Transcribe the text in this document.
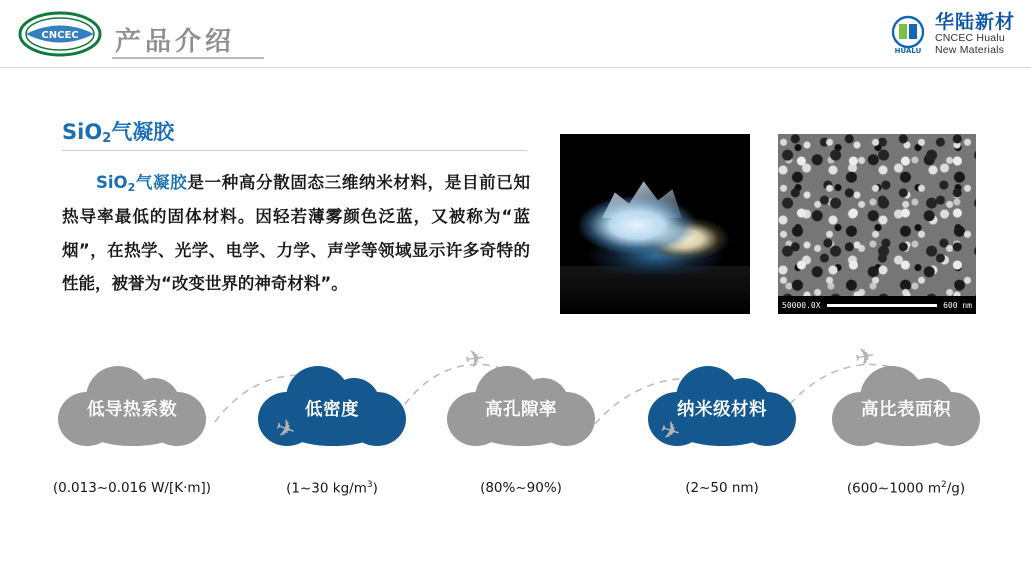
CNCEC 产品介绍	HUALU
华陆新材
CNCEC Hualu
New Materials
SiO$_2$气凝胶
SiO$_2$气凝胶是一种高分散固态三维纳米材料，是目前已知热导率最低的固体材料。因轻若薄雾颜色泛蓝，又被称为“蓝烟”，在热学、光学、电学、力学、声学等领域显示许多奇特的性能，被誉为“改变世界的神奇材料”。
50000.0X	600 nm
✈
✈
✈
✈
低导热系数	低密度	高孔隙率	纳米级材料	高比表面积
(0.013~0.016 W/[K·m])	(1~30 $kg/m^3$)	(80%~90%)	(2~50 nm)	(600~1000 $m^2/g$)
